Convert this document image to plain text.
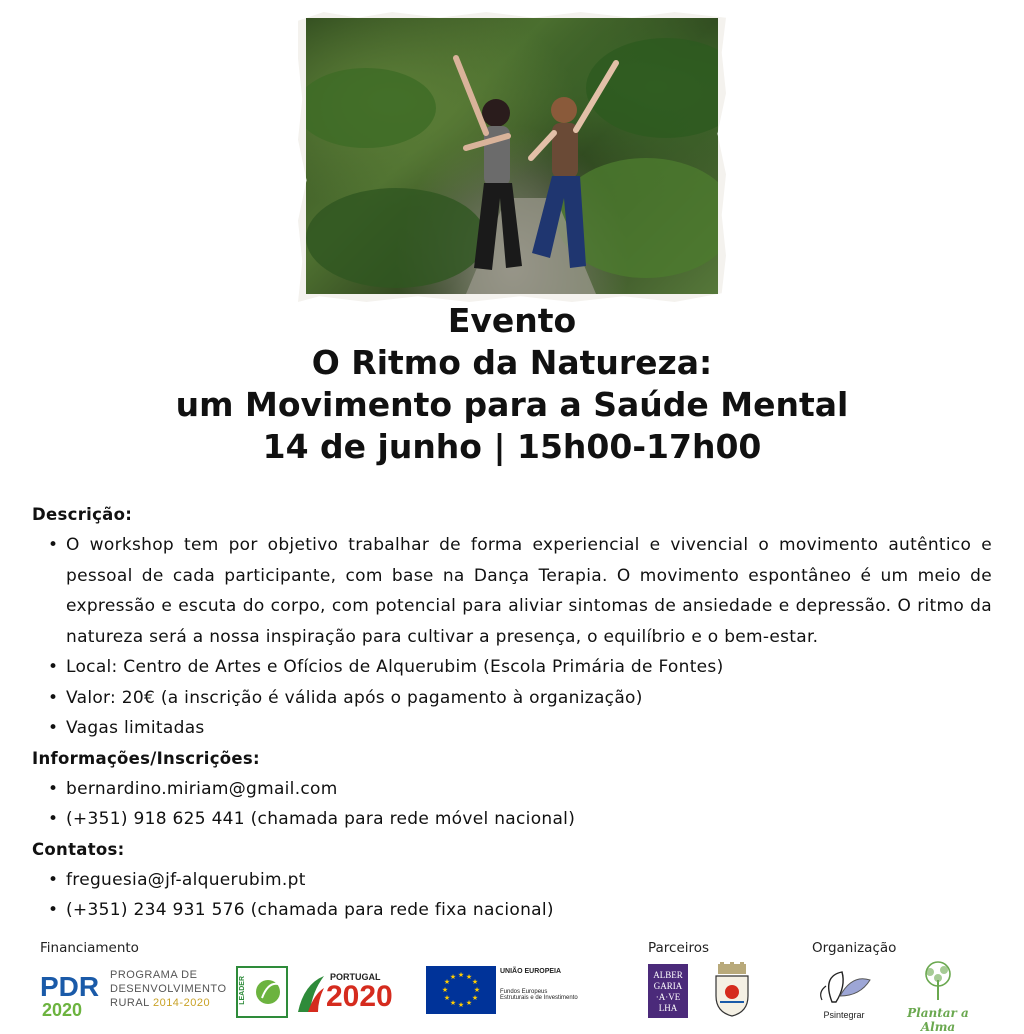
Evento
O Ritmo da Natureza:
um Movimento para a Saúde Mental
14 de junho | 15h00-17h00
Descrição:
• O workshop tem por objetivo trabalhar de forma experiencial e vivencial o movimento autêntico e pessoal de cada participante, com base na Dança Terapia. O movimento espontâneo é um meio de expressão e escuta do corpo, com potencial para aliviar sintomas de ansiedade e depressão. O ritmo da natureza será a nossa inspiração para cultivar a presença, o equilíbrio e o bem-estar.
• Local: Centro de Artes e Ofícios de Alquerubim (Escola Primária de Fontes)
• Valor: 20€ (a inscrição é válida após o pagamento à organização)
• Vagas limitadas
Informações/Inscrições:
• bernardino.miriam@gmail.com
• (+351) 918 625 441 (chamada para rede móvel nacional)
Contatos:
• freguesia@jf-alquerubim.pt
• (+351) 234 931 576 (chamada para rede fixa nacional)
Financiamento	Parceiros	Organização
PDR
2020
PROGRAMA DE
DESENVOLVIMENTO
RURAL 2014-2020	LEADER	PORTUGAL
2020
★ ★
★
★
★
★
★
★
★
★
★
★
UNIÃO EUROPEIA
Fundos Europeus
Estruturais e de Investimento
ALBER
GARIA
·A·VE
LHA
Psintegrar	Plantar a Alma
